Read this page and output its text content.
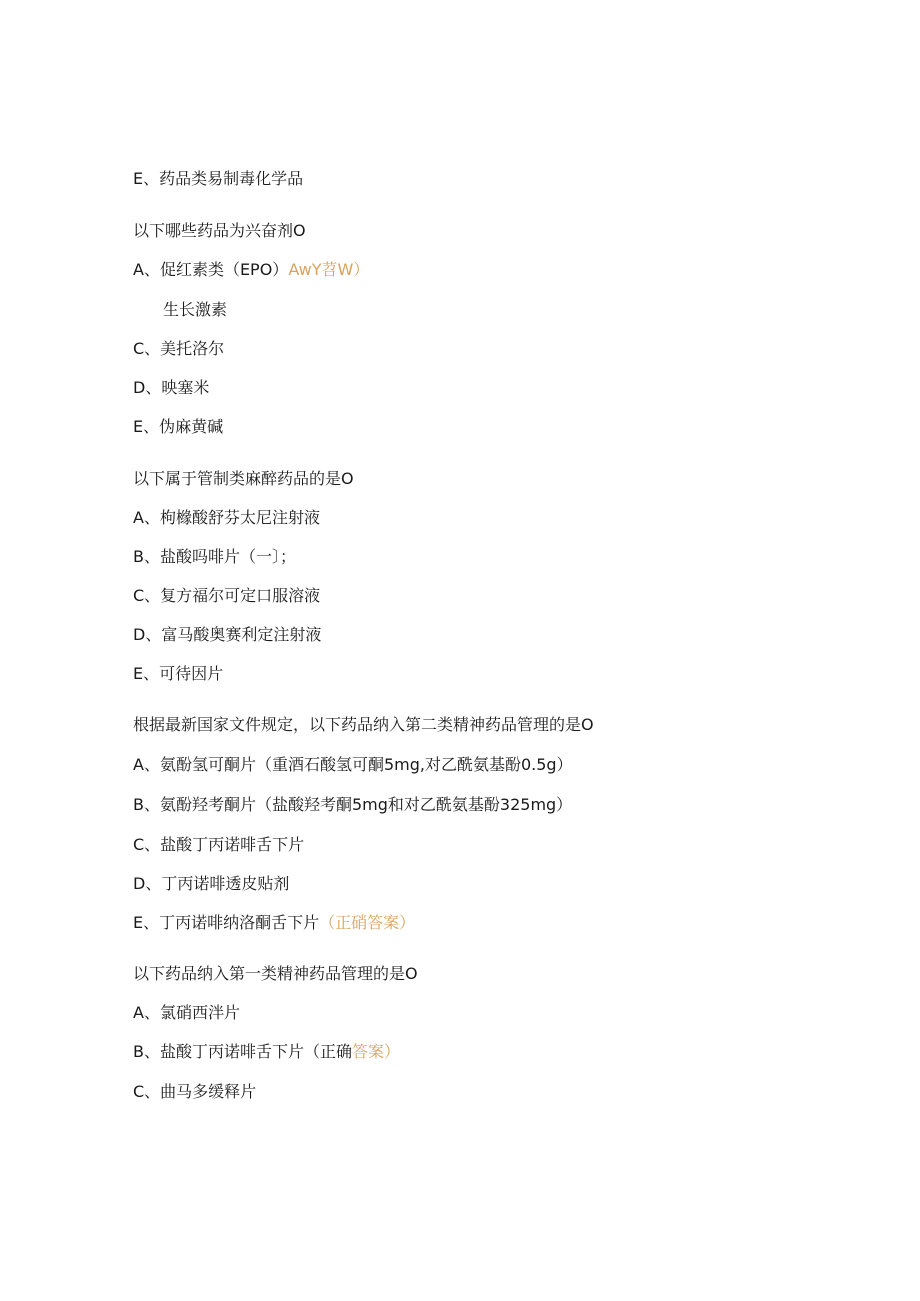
E、药品类易制毒化学品
以下哪些药品为兴奋剂O
A、促红素类（EPO）AwY苕W）
生长激素
C、美托洛尔
D、映塞米
E、伪麻黄碱
以下属于管制类麻醉药品的是O
A、枸橼酸舒芬太尼注射液
B、盐酸吗啡片（一〕；
C、复方福尔可定口服溶液
D、富马酸奥赛利定注射液
E、可待因片
根据最新国家文件规定，以下药品纳入第二类精神药品管理的是O
A、氨酚氢可酮片（重酒石酸氢可酮5mg,对乙酰氨基酚0.5g）
B、氨酚羟考酮片（盐酸羟考酮5mg和对乙酰氨基酚325mg）
C、盐酸丁丙诺啡舌下片
D、丁丙诺啡透皮贴剂
E、丁丙诺啡纳洛酮舌下片（正硝答案）
以下药品纳入第一类精神药品管理的是O
A、氯硝西泮片
B、盐酸丁丙诺啡舌下片（正确答案）
C、曲马多缓释片
